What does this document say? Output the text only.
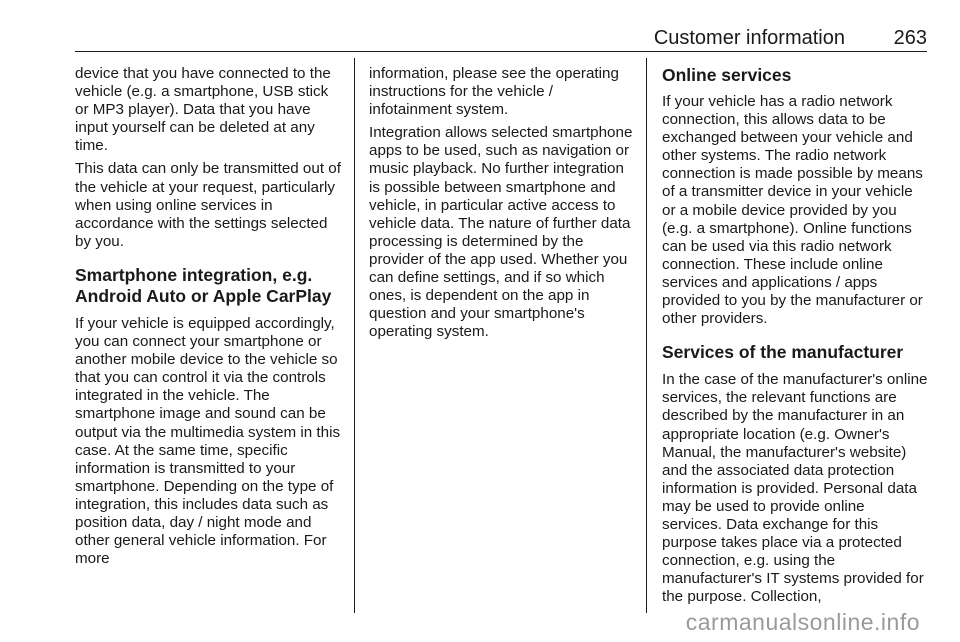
Customer information 263

device that you have connected to the vehicle (e.g. a smartphone, USB stick or MP3 player). Data that you have input yourself can be deleted at any time.

This data can only be transmitted out of the vehicle at your request, particularly when using online services in accordance with the settings selected by you.

Smartphone integration, e.g. Android Auto or Apple CarPlay

If your vehicle is equipped accordingly, you can connect your smartphone or another mobile device to the vehicle so that you can control it via the controls integrated in the vehicle. The smartphone image and sound can be output via the multimedia system in this case. At the same time, specific information is transmitted to your smartphone. Depending on the type of integration, this includes data such as position data, day / night mode and other general vehicle information. For more

information, please see the operating instructions for the vehicle / infotainment system.

Integration allows selected smartphone apps to be used, such as navigation or music playback. No further integration is possible between smartphone and vehicle, in particular active access to vehicle data. The nature of further data processing is determined by the provider of the app used. Whether you can define settings, and if so which ones, is dependent on the app in question and your smartphone's operating system.

Online services

If your vehicle has a radio network connection, this allows data to be exchanged between your vehicle and other systems. The radio network connection is made possible by means of a transmitter device in your vehicle or a mobile device provided by you (e.g. a smartphone). Online functions can be used via this radio network connection. These include online services and applications / apps provided to you by the manufacturer or other providers.

Services of the manufacturer

In the case of the manufacturer's online services, the relevant functions are described by the manufacturer in an appropriate location (e.g. Owner's Manual, the manufacturer's website) and the associated data protection information is provided. Personal data may be used to provide online services. Data exchange for this purpose takes place via a protected connection, e.g. using the manufacturer's IT systems provided for the purpose. Collection,

carmanualsonline.info
